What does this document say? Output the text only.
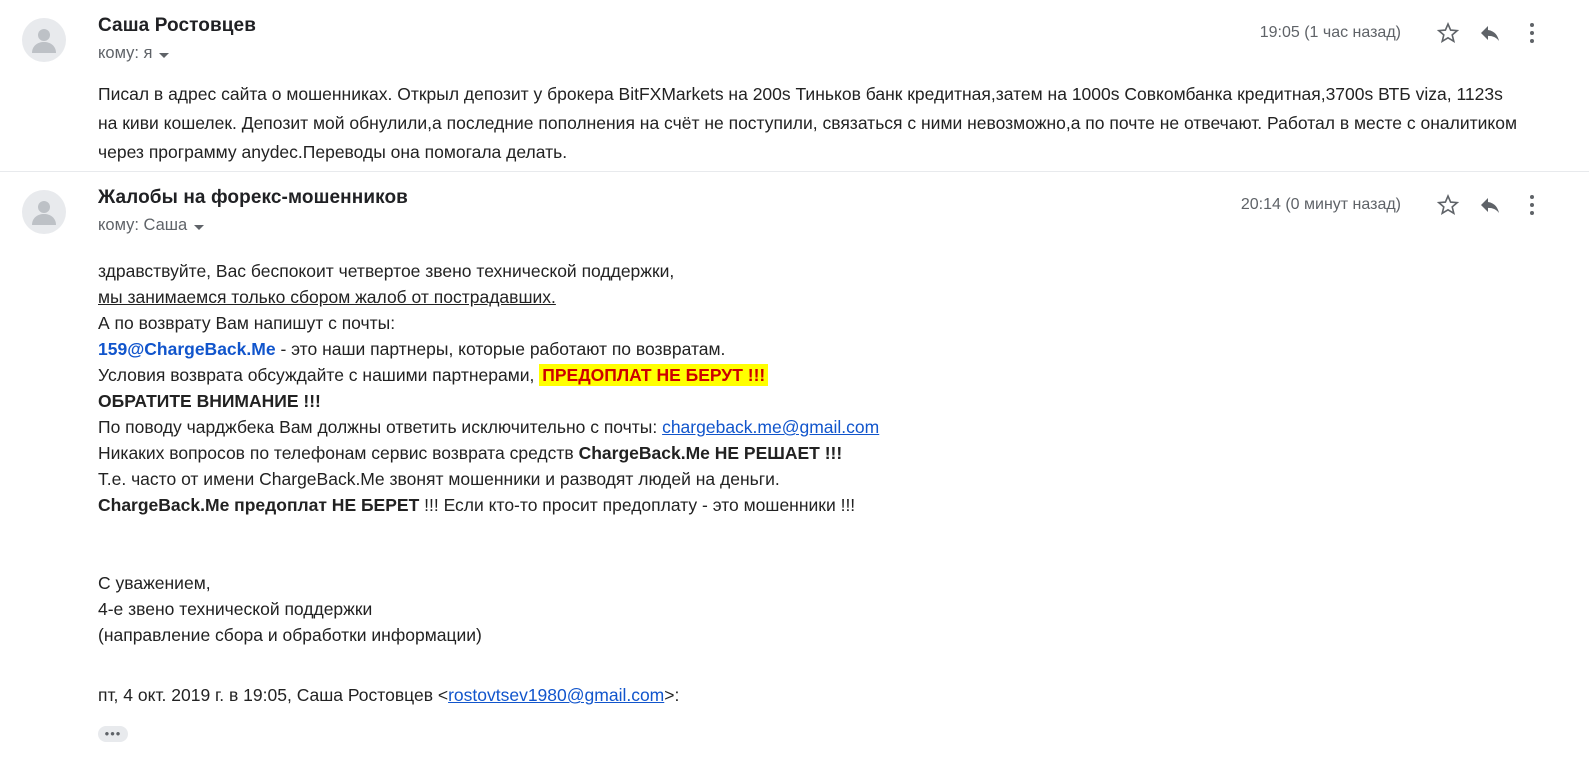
Саша Ростовцев
кому: я
19:05 (1 час назад)

Писал в адрес сайта о мошенниках. Открыл депозит у брокера BitFXMarkets на 200s Тиньков банк кредитная,затем на 1000s Совкомбанка кредитная,3700s ВТБ viza, 1123s на киви кошелек. Депозит мой обнулили,а последние пополнения на счёт не поступили, связаться с ними невозможно,а по почте не отвечают. Работал в месте с оналитиком через программу anydec.Переводы она помогала делать.

Жалобы на форекс-мошенников
кому: Саша
20:14 (0 минут назад)
здравствуйте, Вас беспокоит четвертое звено технической поддержки,
мы занимаемся только сбором жалоб от пострадавших.
А по возврату Вам напишут с почты:
159@ChargeBack.Me - это наши партнеры, которые работают по возвратам.
Условия возврата обсуждайте с нашими партнерами, ПРЕДОПЛАТ НЕ БЕРУТ !!!
ОБРАТИТЕ ВНИМАНИЕ !!!
По поводу чарджбека Вам должны ответить исключительно с почты: chargeback.me@gmail.com
Никаких вопросов по телефонам сервис возврата средств ChargeBack.Me НЕ РЕШАЕТ !!!
Т.е. часто от имени ChargeBack.Me звонят мошенники и разводят людей на деньги.
ChargeBack.Me предоплат НЕ БЕРЕТ !!! Если кто-то просит предоплату - это мошенники !!!
С уважением,
4-е звено технической поддержки
(направление сбора и обработки информации)
пт, 4 окт. 2019 г. в 19:05, Саша Ростовцев <rostovtsev1980@gmail.com>:
•••
